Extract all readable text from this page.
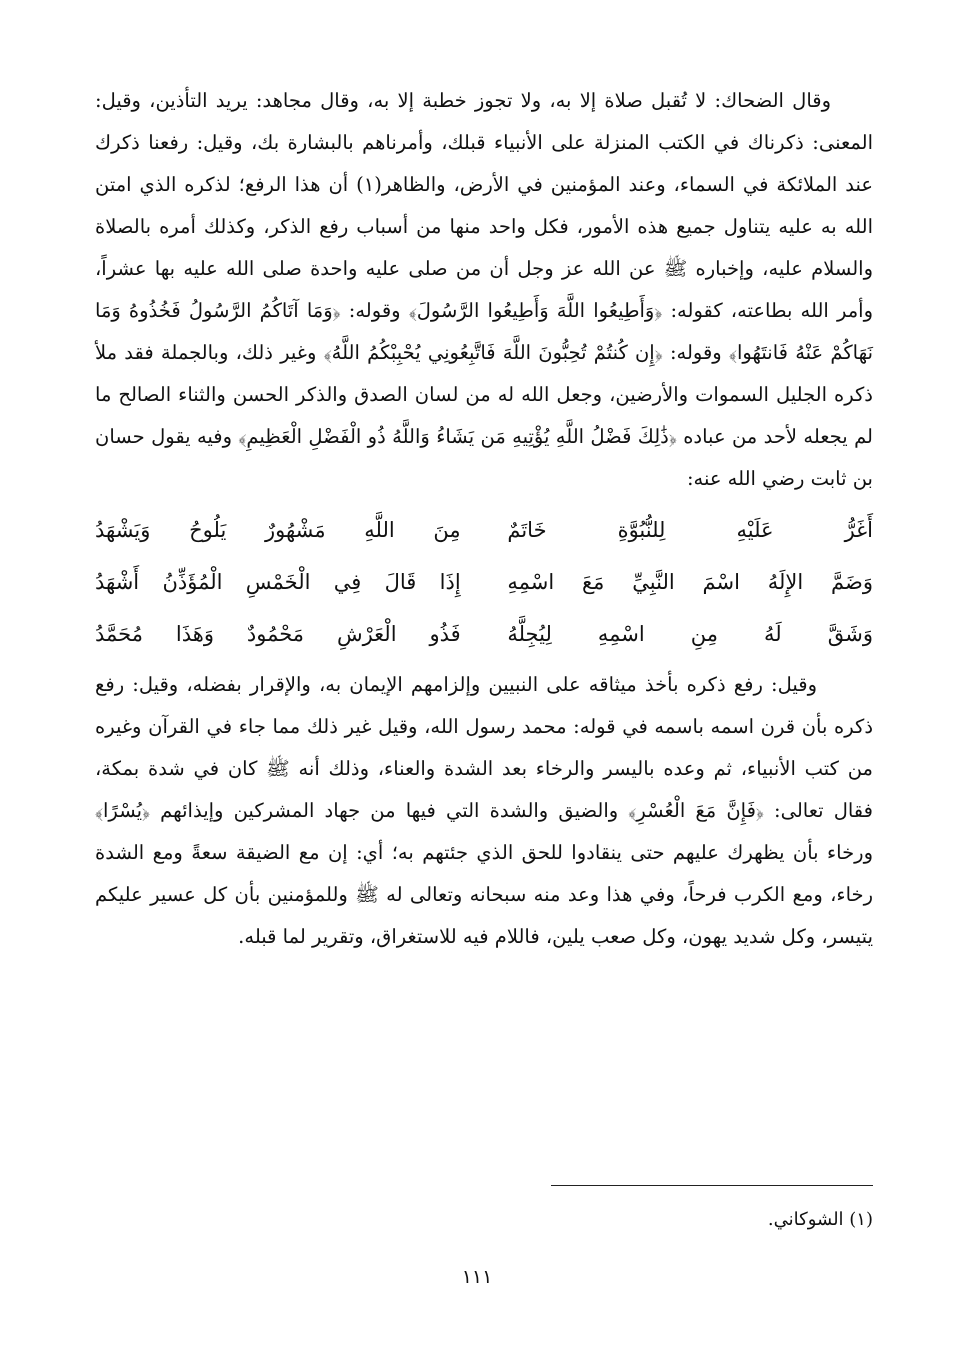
وقال الضحاك: لا تُقبل صلاة إلا به، ولا تجوز خطبة إلا به، وقال مجاهد: يريد التأذين، وقيل: المعنى: ذكرناك في الكتب المنزلة على الأنبياء قبلك، وأمرناهم بالبشارة بك، وقيل: رفعنا ذكرك عند الملائكة في السماء، وعند المؤمنين في الأرض، والظاهر(١) أن هذا الرفع؛ لذكره الذي امتن الله به عليه يتناول جميع هذه الأمور، فكل واحد منها من أسباب رفع الذكر، وكذلك أمره بالصلاة والسلام عليه، وإخباره ﷺ عن الله عز وجل أن من صلى عليه واحدة صلى الله عليه بها عشراً، وأمر الله بطاعته، كقوله: ﴿وَأَطِيعُوا اللَّهَ وَأَطِيعُوا الرَّسُولَ﴾ وقوله: ﴿وَمَا آتَاكُمُ الرَّسُولُ فَخُذُوهُ وَمَا نَهَاكُمْ عَنْهُ فَانتَهُوا﴾ وقوله: ﴿إِن كُنتُمْ تُحِبُّونَ اللَّهَ فَاتَّبِعُونِي يُحْبِبْكُمُ اللَّهُ﴾ وغير ذلك، وبالجملة فقد ملأ ذكره الجليل السموات والأرضين، وجعل الله له من لسان الصدق والذكر الحسن والثناء الصالح ما لم يجعله لأحد من عباده ﴿ذَٰلِكَ فَضْلُ اللَّهِ يُؤْتِيهِ مَن يَشَاءُ وَاللَّهُ ذُو الْفَضْلِ الْعَظِيمِ﴾ وفيه يقول حسان بن ثابت رضي الله عنه:

أَغَرُّ عَلَيْهِ لِلنُّبُوَّةِ خَاتَمٌ
مِنَ اللَّهِ مَشْهُورٌ يَلُوحُ وَيَشْهَدُ
وَضَمَّ الإِلَهُ اسْمَ النَّبِيِّ مَعَ اسْمِهِ
إِذَا قَالَ فِي الْخَمْسِ الْمُؤَذِّنُ أَشْهَدُ
وَشَقَّ لَهُ مِنِ اسْمِهِ لِيُجِلَّهُ
فَذُو الْعَرْشِ مَحْمُودٌ وَهَذَا مُحَمَّدُ

وقيل: رفع ذكره بأخذ ميثاقه على النبيين وإلزامهم الإيمان به، والإقرار بفضله، وقيل: رفع ذكره بأن قرن اسمه باسمه في قوله: محمد رسول الله، وقيل غير ذلك مما جاء في القرآن وغيره من كتب الأنبياء، ثم وعده باليسر والرخاء بعد الشدة والعناء، وذلك أنه ﷺ كان في شدة بمكة، فقال تعالى: ﴿فَإِنَّ مَعَ الْعُسْرِ﴾ والضيق والشدة التي فيها من جهاد المشركين وإيذائهم ﴿يُسْرًا﴾ ورخاء بأن يظهرك عليهم حتى ينقادوا للحق الذي جئتهم به؛ أي: إن مع الضيقة سعةً ومع الشدة رخاء، ومع الكرب فرحاً، وفي هذا وعد منه سبحانه وتعالى له ﷺ وللمؤمنين بأن كل عسير عليكم يتيسر، وكل شديد يهون، وكل صعب يلين، فاللام فيه للاستغراق، وتقرير لما قبله.

(١) الشوكاني.
١١١
